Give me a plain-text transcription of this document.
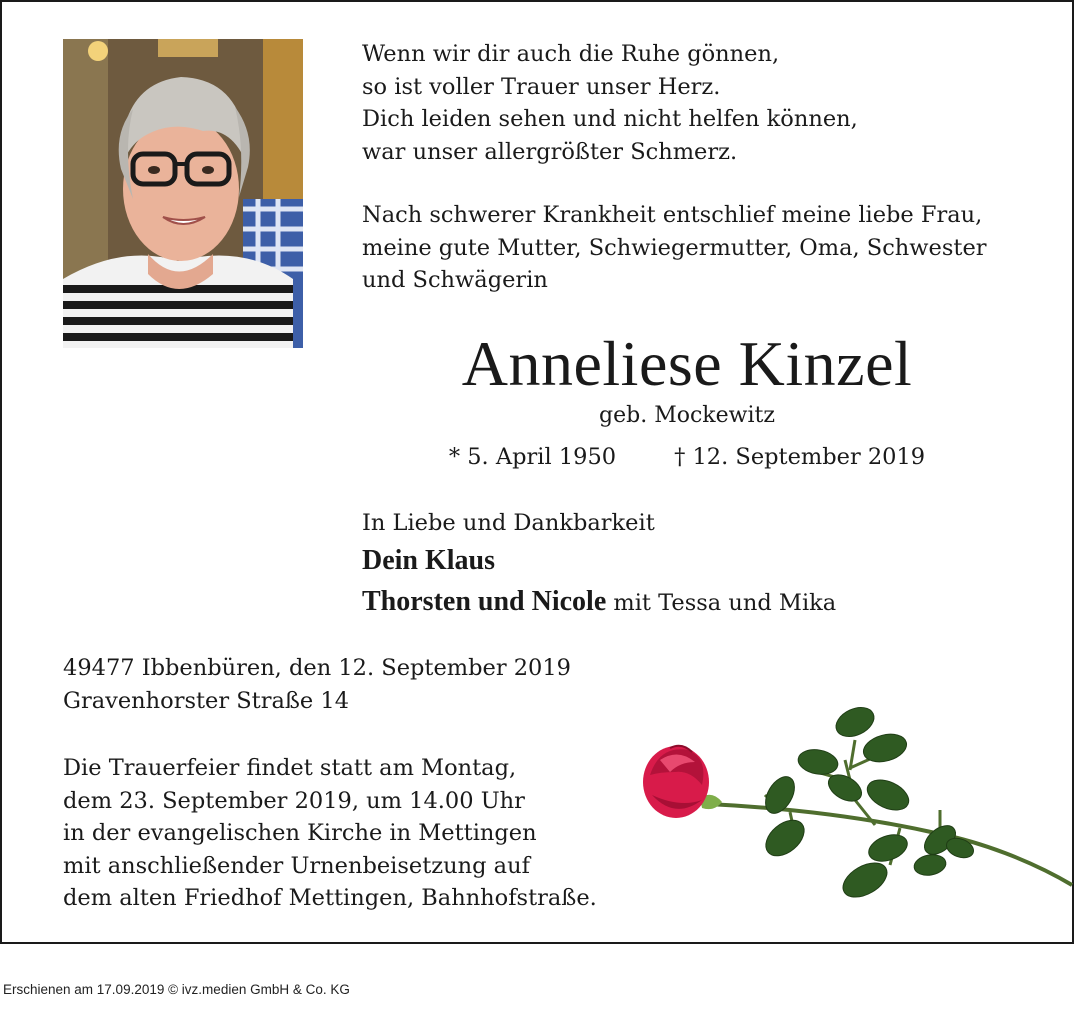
Wenn wir dir auch die Ruhe gönnen,
so ist voller Trauer unser Herz.
Dich leiden sehen und nicht helfen können,
war unser allergrößter Schmerz.
Nach schwerer Krankheit entschlief meine liebe Frau,
meine gute Mutter, Schwiegermutter, Oma, Schwester
und Schwägerin
Anneliese Kinzel
geb. Mockewitz
* 5. April 1950	† 12. September 2019
In Liebe und Dankbarkeit
Dein Klaus
Thorsten und Nicole mit Tessa und Mika
49477 Ibbenbüren, den 12. September 2019
Gravenhorster Straße 14
Die Trauerfeier findet statt am Montag,
dem 23. September 2019, um 14.00 Uhr
in der evangelischen Kirche in Mettingen
mit anschließender Urnenbeisetzung auf
dem alten Friedhof Mettingen, Bahnhofstraße.
Erschienen am 17.09.2019 © ivz.medien GmbH & Co. KG
